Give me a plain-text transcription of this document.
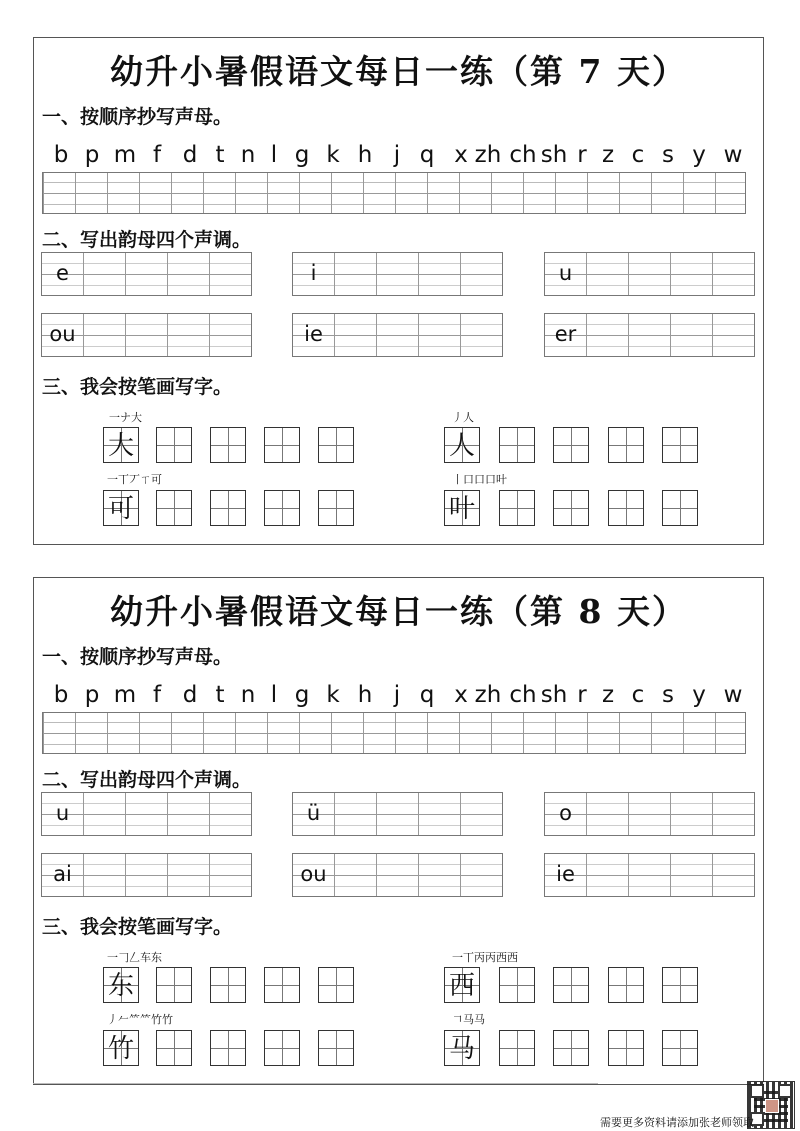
幼升小暑假语文每日一练（第 7 天）
一、按顺序抄写声母。
b p m f d t n l g k h j q x zh ch sh r z c s y w
二、写出韵母四个声调。
e	i	u
ou	ie	er
三、我会按笔画写字。
一ナ大
大
丿人
人
一丅丆ㄒ可
可
丨口口口叶
叶
幼升小暑假语文每日一练（第 8 天）
一、按顺序抄写声母。
b p m f d t n l g k h j q x zh ch sh r z c s y w
二、写出韵母四个声调。
u	ü	o
ai	ou	ie
三、我会按笔画写字。
一𠃌𠃋车东
东
一丅丙丙西西
西
丿𠂉⺮⺮竹竹
竹
𠃍马马
马
需要更多资料请添加张老师领取
